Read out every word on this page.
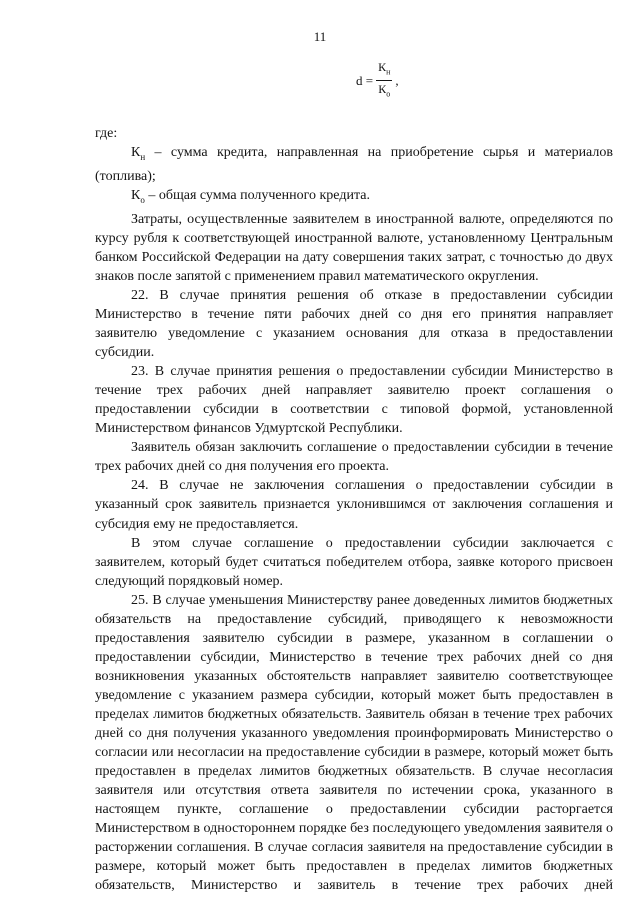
11
$d = \frac{К_н}{К_о}$ ,

где:

$К_н$ – сумма кредита, направленная на приобретение сырья и материалов (топлива);

$К_о$ – общая сумма полученного кредита.

Затраты, осуществленные заявителем в иностранной валюте, определяются по курсу рубля к соответствующей иностранной валюте, установленному Центральным банком Российской Федерации на дату совершения таких затрат, с точностью до двух знаков после запятой с применением правил математического округления.

22. В случае принятия решения об отказе в предоставлении субсидии Министерство в течение пяти рабочих дней со дня его принятия направляет заявителю уведомление с указанием основания для отказа в предоставлении субсидии.

23. В случае принятия решения о предоставлении субсидии Министерство в течение трех рабочих дней направляет заявителю проект соглашения о предоставлении субсидии в соответствии с типовой формой, установленной Министерством финансов Удмуртской Республики.

Заявитель обязан заключить соглашение о предоставлении субсидии в течение трех рабочих дней со дня получения его проекта.

24. В случае не заключения соглашения о предоставлении субсидии в указанный срок заявитель признается уклонившимся от заключения соглашения и субсидия ему не предоставляется.

В этом случае соглашение о предоставлении субсидии заключается с заявителем, который будет считаться победителем отбора, заявке которого присвоен следующий порядковый номер.

25. В случае уменьшения Министерству ранее доведенных лимитов бюджетных обязательств на предоставление субсидий, приводящего к невозможности предоставления заявителю субсидии в размере, указанном в соглашении о предоставлении субсидии, Министерство в течение трех рабочих дней со дня возникновения указанных обстоятельств направляет заявителю соответствующее уведомление с указанием размера субсидии, который может быть предоставлен в пределах лимитов бюджетных обязательств. Заявитель обязан в течение трех рабочих дней со дня получения указанного уведомления проинформировать Министерство о согласии или несогласии на предоставление субсидии в размере, который может быть предоставлен в пределах лимитов бюджетных обязательств. В случае несогласия заявителя или отсутствия ответа заявителя по истечении срока, указанного в настоящем пункте, соглашение о предоставлении субсидии расторгается Министерством в одностороннем порядке без последующего уведомления заявителя о расторжении соглашения. В случае согласия заявителя на предоставление субсидии в размере, который может быть предоставлен в пределах лимитов бюджетных обязательств, Министерство и заявитель в течение трех рабочих дней
